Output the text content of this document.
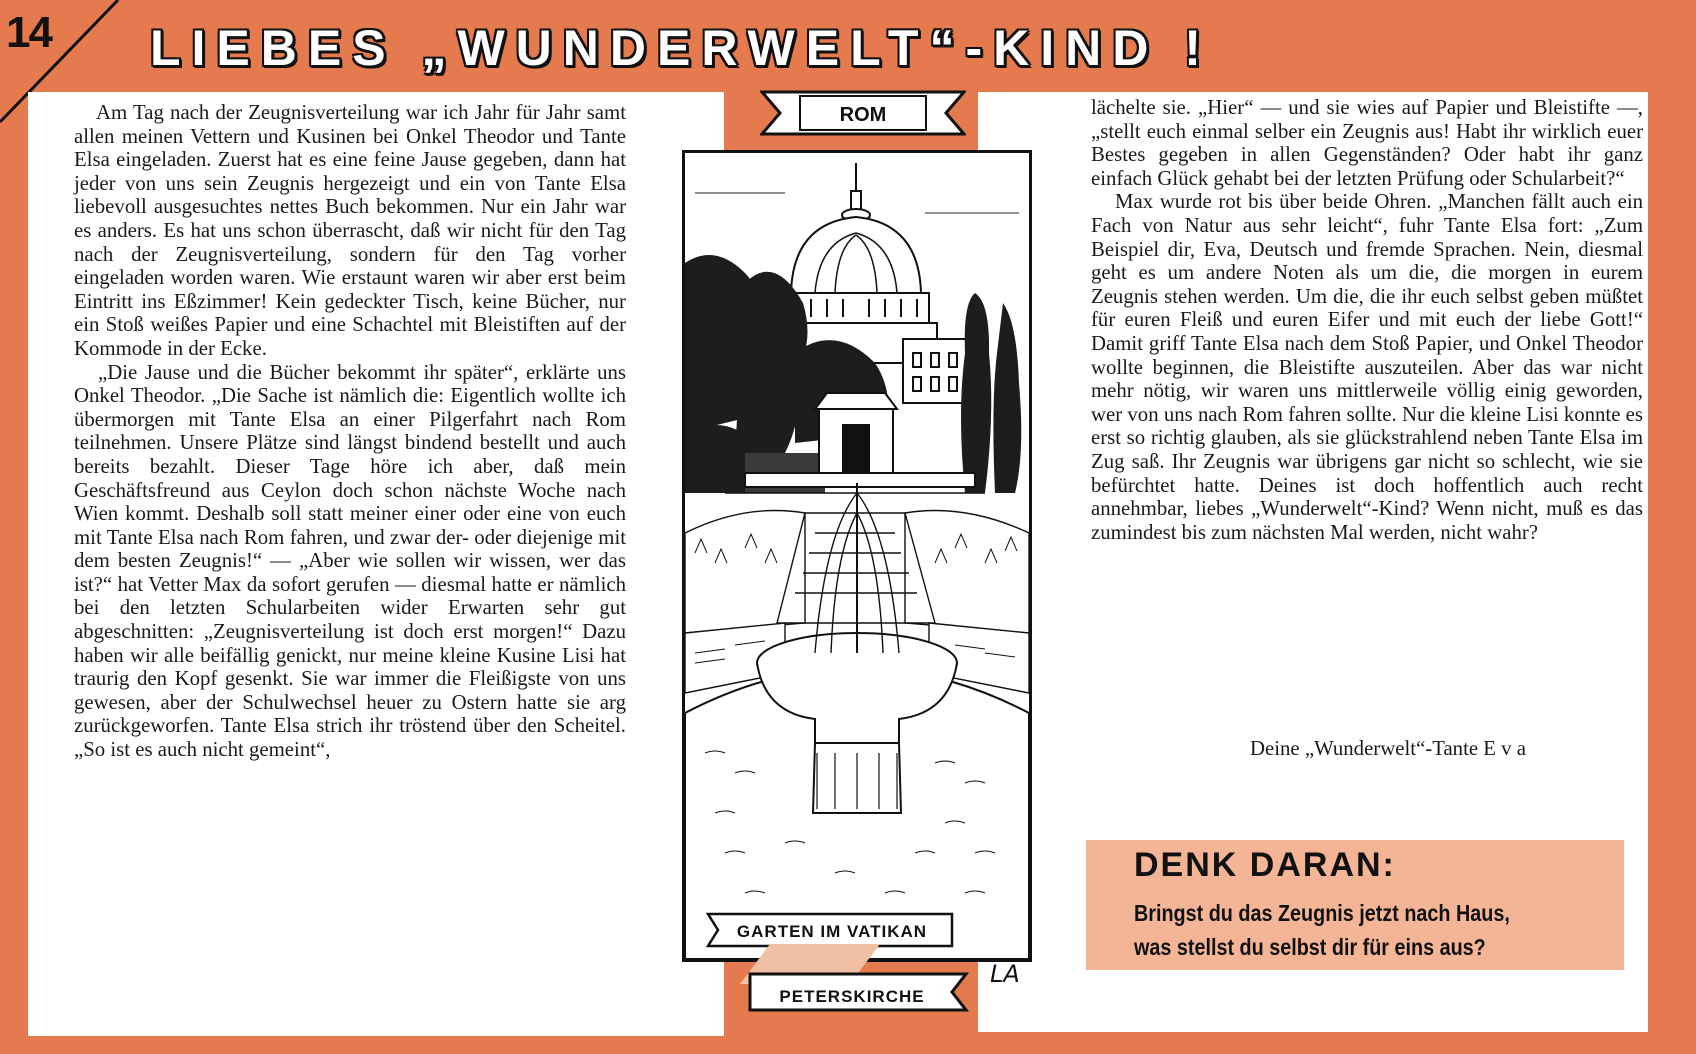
14 LIEBES „WUNDERWELT“-KIND !

Am Tag nach der Zeugnisverteilung war ich Jahr für Jahr samt allen meinen Vettern und Kusinen bei Onkel Theodor und Tante Elsa eingeladen. Zuerst hat es eine feine Jause gegeben, dann hat jeder von uns sein Zeugnis hergezeigt und ein von Tante Elsa liebevoll ausgesuchtes nettes Buch bekommen. Nur ein Jahr war es anders. Es hat uns schon überrascht, daß wir nicht für den Tag nach der Zeugnisverteilung, sondern für den Tag vorher eingeladen worden waren. Wie erstaunt waren wir aber erst beim Eintritt ins Eßzimmer! Kein gedeckter Tisch, keine Bücher, nur ein Stoß weißes Papier und eine Schachtel mit Bleistiften auf der Kommode in der Ecke.

„Die Jause und die Bücher bekommt ihr später“, erklärte uns Onkel Theodor. „Die Sache ist nämlich die: Eigentlich wollte ich übermorgen mit Tante Elsa an einer Pilgerfahrt nach Rom teilnehmen. Unsere Plätze sind längst bindend bestellt und auch bereits bezahlt. Dieser Tage höre ich aber, daß mein Geschäftsfreund aus Ceylon doch schon nächste Woche nach Wien kommt. Deshalb soll statt meiner einer oder eine von euch mit Tante Elsa nach Rom fahren, und zwar der- oder diejenige mit dem besten Zeugnis!“ — „Aber wie sollen wir wissen, wer das ist?“ hat Vetter Max da sofort gerufen — diesmal hatte er nämlich bei den letzten Schularbeiten wider Erwarten sehr gut abgeschnitten: „Zeugnisverteilung ist doch erst morgen!“ Dazu haben wir alle beifällig genickt, nur meine kleine Kusine Lisi hat traurig den Kopf gesenkt. Sie war immer die Fleißigste von uns gewesen, aber der Schulwechsel heuer zu Ostern hatte sie arg zurückgeworfen. Tante Elsa strich ihr tröstend über den Scheitel. „So ist es auch nicht gemeint“,

lächelte sie. „Hier“ — und sie wies auf Papier und Bleistifte —, „stellt euch einmal selber ein Zeugnis aus! Habt ihr wirklich euer Bestes gegeben in allen Gegenständen? Oder habt ihr ganz einfach Glück gehabt bei der letzten Prüfung oder Schularbeit?“

Max wurde rot bis über beide Ohren. „Manchen fällt auch ein Fach von Natur aus sehr leicht“, fuhr Tante Elsa fort: „Zum Beispiel dir, Eva, Deutsch und fremde Sprachen. Nein, diesmal geht es um andere Noten als um die, die morgen in eurem Zeugnis stehen werden. Um die, die ihr euch selbst geben müßtet für euren Fleiß und euren Eifer und mit euch der liebe Gott!“ Damit griff Tante Elsa nach dem Stoß Papier, und Onkel Theodor wollte beginnen, die Bleistifte auszuteilen. Aber das war nicht mehr nötig, wir waren uns mittlerweile völlig einig geworden, wer von uns nach Rom fahren sollte. Nur die kleine Lisi konnte es erst so richtig glauben, als sie glückstrahlend neben Tante Elsa im Zug saß. Ihr Zeugnis war übrigens gar nicht so schlecht, wie sie befürchtet hatte. Deines ist doch hoffentlich auch recht annehmbar, liebes „Wunderwelt“-Kind? Wenn nicht, muß es das zumindest bis zum nächsten Mal werden, nicht wahr?

Deine „Wunderwelt“-Tante E v a
ROM
GARTEN IM VATIKAN
PETERSKIRCHE
LA
DENK DARAN:
Bringst du das Zeugnis jetzt nach Haus,
was stellst du selbst dir für eins aus?
